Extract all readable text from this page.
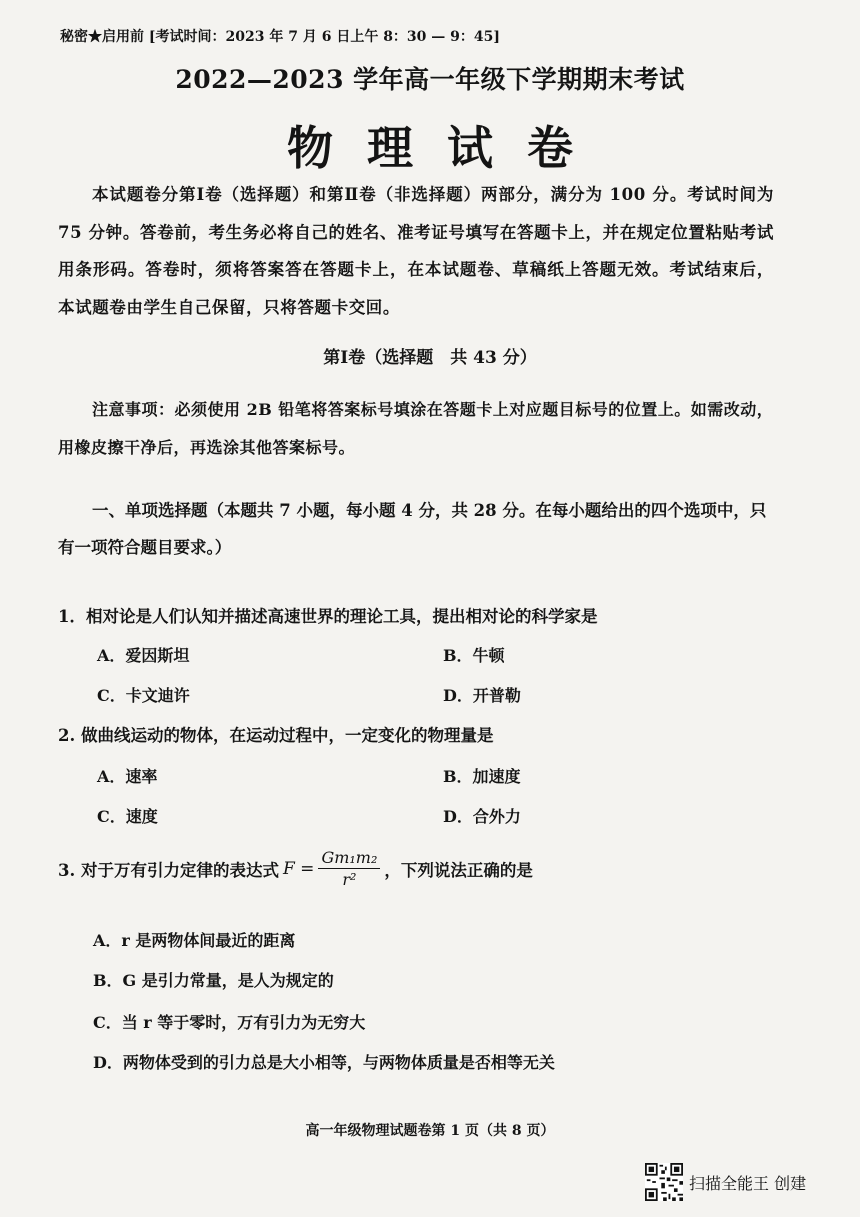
秘密★启用前 [考试时间：2023 年 7 月 6 日上午 8：30 — 9：45]
2022—2023 学年高一年级下学期期末考试
物理试卷
本试题卷分第Ⅰ卷（选择题）和第Ⅱ卷（非选择题）两部分，满分为 100 分。考试时间为 75 分钟。答卷前，考生务必将自己的姓名、准考证号填写在答题卡上，并在规定位置粘贴考试用条形码。答卷时，须将答案答在答题卡上，在本试题卷、草稿纸上答题无效。考试结束后，本试题卷由学生自己保留，只将答题卡交回。
第Ⅰ卷（选择题　共 43 分）
注意事项：必须使用 2B 铅笔将答案标号填涂在答题卡上对应题目标号的位置上。如需改动，用橡皮擦干净后，再选涂其他答案标号。
一、单项选择题（本题共 7 小题，每小题 4 分，共 28 分。在每小题给出的四个选项中，只有一项符合题目要求。）
1．相对论是人们认知并描述高速世界的理论工具，提出相对论的科学家是
A．爱因斯坦	B．牛顿
C．卡文迪许	D．开普勒
2. 做曲线运动的物体，在运动过程中，一定变化的物理量是
A．速率	B．加速度
C．速度	D．合外力
3. 对于万有引力定律的表达式 $F = \frac{\text{Gm₁m₂}}{\text{r²}}$ ，下列说法正确的是
A．r 是两物体间最近的距离
B．G 是引力常量，是人为规定的
C．当 r 等于零时，万有引力为无穷大
D．两物体受到的引力总是大小相等，与两物体质量是否相等无关
高一年级物理试题卷第 1 页（共 8 页）
扫描全能王 创建
